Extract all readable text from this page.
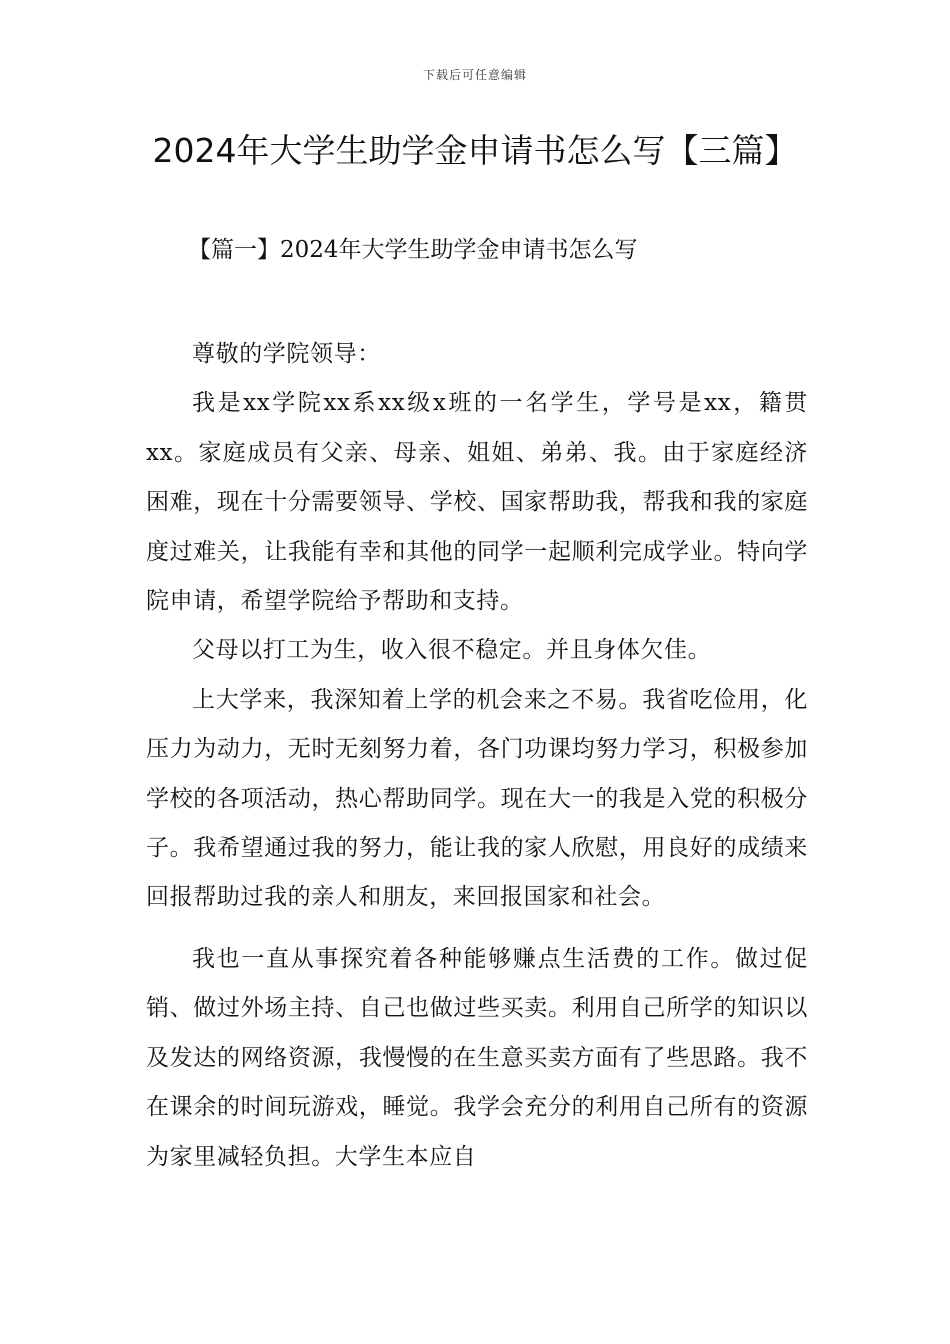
下载后可任意编辑
2024年大学生助学金申请书怎么写【三篇】
【篇一】2024年大学生助学金申请书怎么写

尊敬的学院领导：

我是xx学院xx系xx级x班的一名学生，学号是xx，籍贯xx。家庭成员有父亲、母亲、姐姐、弟弟、我。由于家庭经济困难，现在十分需要领导、学校、国家帮助我，帮我和我的家庭度过难关，让我能有幸和其他的同学一起顺利完成学业。特向学院申请，希望学院给予帮助和支持。

父母以打工为生，收入很不稳定。并且身体欠佳。

上大学来，我深知着上学的机会来之不易。我省吃俭用，化压力为动力，无时无刻努力着，各门功课均努力学习，积极参加学校的各项活动，热心帮助同学。现在大一的我是入党的积极分子。我希望通过我的努力，能让我的家人欣慰，用良好的成绩来回报帮助过我的亲人和朋友，来回报国家和社会。

我也一直从事探究着各种能够赚点生活费的工作。做过促销、做过外场主持、自己也做过些买卖。利用自己所学的知识以及发达的网络资源，我慢慢的在生意买卖方面有了些思路。我不在课余的时间玩游戏，睡觉。我学会充分的利用自己所有的资源为家里减轻负担。大学生本应自
